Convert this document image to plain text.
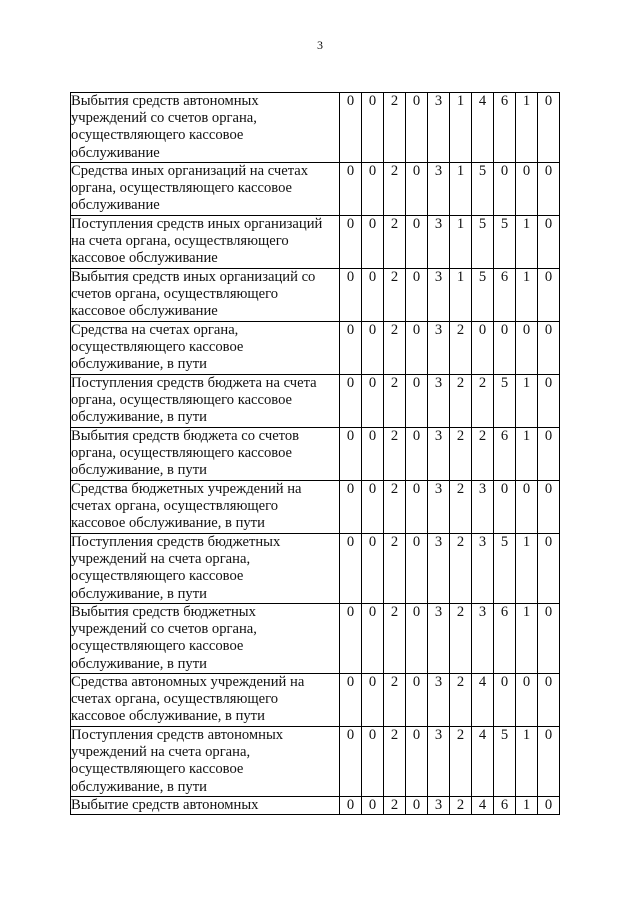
3
Выбытия средств автономных
учреждений со счетов органа,
осуществляющего кассовое
обслуживание	0	0	2	0	3	1	4	6	1	0

Средства иных организаций на счетах
органа, осуществляющего кассовое
обслуживание	0	0	2	0	3	1	5	0	0	0

Поступления средств иных организаций
на счета органа, осуществляющего
кассовое обслуживание	0	0	2	0	3	1	5	5	1	0

Выбытия средств иных организаций со
счетов органа, осуществляющего
кассовое обслуживание	0	0	2	0	3	1	5	6	1	0

Средства на счетах органа,
осуществляющего кассовое
обслуживание, в пути	0	0	2	0	3	2	0	0	0	0

Поступления средств бюджета на счета
органа, осуществляющего кассовое
обслуживание, в пути	0	0	2	0	3	2	2	5	1	0

Выбытия средств бюджета со счетов
органа, осуществляющего кассовое
обслуживание, в пути	0	0	2	0	3	2	2	6	1	0

Средства бюджетных учреждений на
счетах органа, осуществляющего
кассовое обслуживание, в пути	0	0	2	0	3	2	3	0	0	0

Поступления средств бюджетных
учреждений на счета органа,
осуществляющего кассовое
обслуживание, в пути	0	0	2	0	3	2	3	5	1	0

Выбытия средств бюджетных
учреждений со счетов органа,
осуществляющего кассовое
обслуживание, в пути	0	0	2	0	3	2	3	6	1	0

Средства автономных учреждений на
счетах органа, осуществляющего
кассовое обслуживание, в пути	0	0	2	0	3	2	4	0	0	0

Поступления средств автономных
учреждений на счета органа,
осуществляющего кассовое
обслуживание, в пути	0	0	2	0	3	2	4	5	1	0

Выбытие средств автономных	0	0	2	0	3	2	4	6	1	0
